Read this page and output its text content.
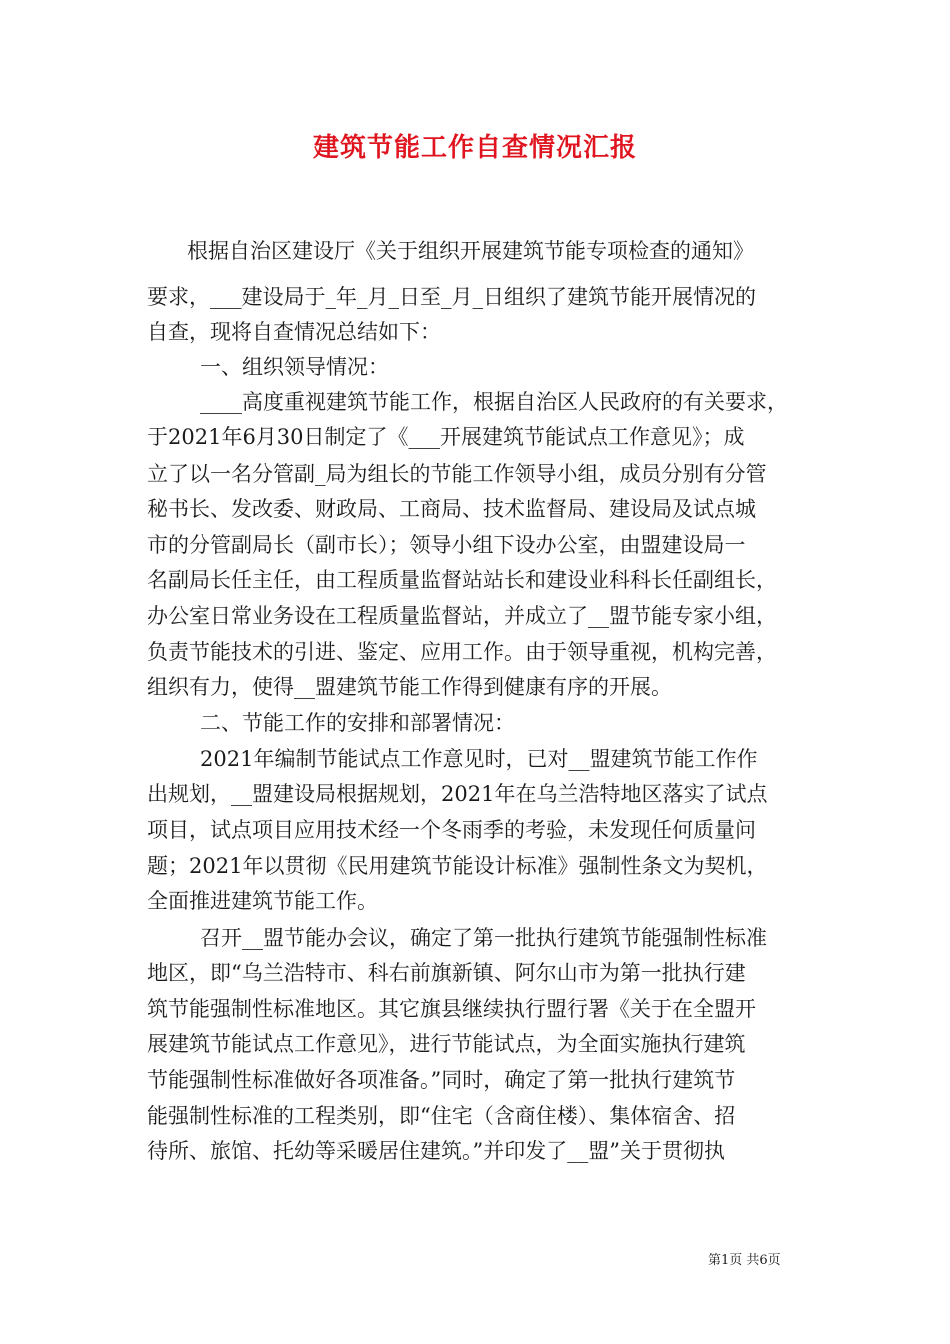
建筑节能工作自查情况汇报
根据自治区建设厅《关于组织开展建筑节能专项检查的通知》
要求，___建设局于_年_月_日至_月_日组织了建筑节能开展情况的
自查，现将自查情况总结如下：
一、组织领导情况：
____高度重视建筑节能工作，根据自治区人民政府的有关要求，
于2021年6月30日制定了《___开展建筑节能试点工作意见》；成
立了以一名分管副_局为组长的节能工作领导小组，成员分别有分管
秘书长、发改委、财政局、工商局、技术监督局、建设局及试点城
市的分管副局长（副市长）；领导小组下设办公室，由盟建设局一
名副局长任主任，由工程质量监督站站长和建设业科科长任副组长，
办公室日常业务设在工程质量监督站，并成立了__盟节能专家小组，
负责节能技术的引进、鉴定、应用工作。由于领导重视，机构完善，
组织有力，使得__盟建筑节能工作得到健康有序的开展。
二、节能工作的安排和部署情况：
2021年编制节能试点工作意见时，已对__盟建筑节能工作作
出规划，__盟建设局根据规划，2021年在乌兰浩特地区落实了试点
项目，试点项目应用技术经一个冬雨季的考验，未发现任何质量问
题；2021年以贯彻《民用建筑节能设计标准》强制性条文为契机，
全面推进建筑节能工作。
召开__盟节能办会议，确定了第一批执行建筑节能强制性标准
地区，即“乌兰浩特市、科右前旗新镇、阿尔山市为第一批执行建
筑节能强制性标准地区。其它旗县继续执行盟行署《关于在全盟开
展建筑节能试点工作意见》，进行节能试点，为全面实施执行建筑
节能强制性标准做好各项准备。”同时，确定了第一批执行建筑节
能强制性标准的工程类别，即“住宅（含商住楼）、集体宿舍、招
待所、旅馆、托幼等采暖居住建筑。”并印发了__盟”关于贯彻执
第1页 共6页
